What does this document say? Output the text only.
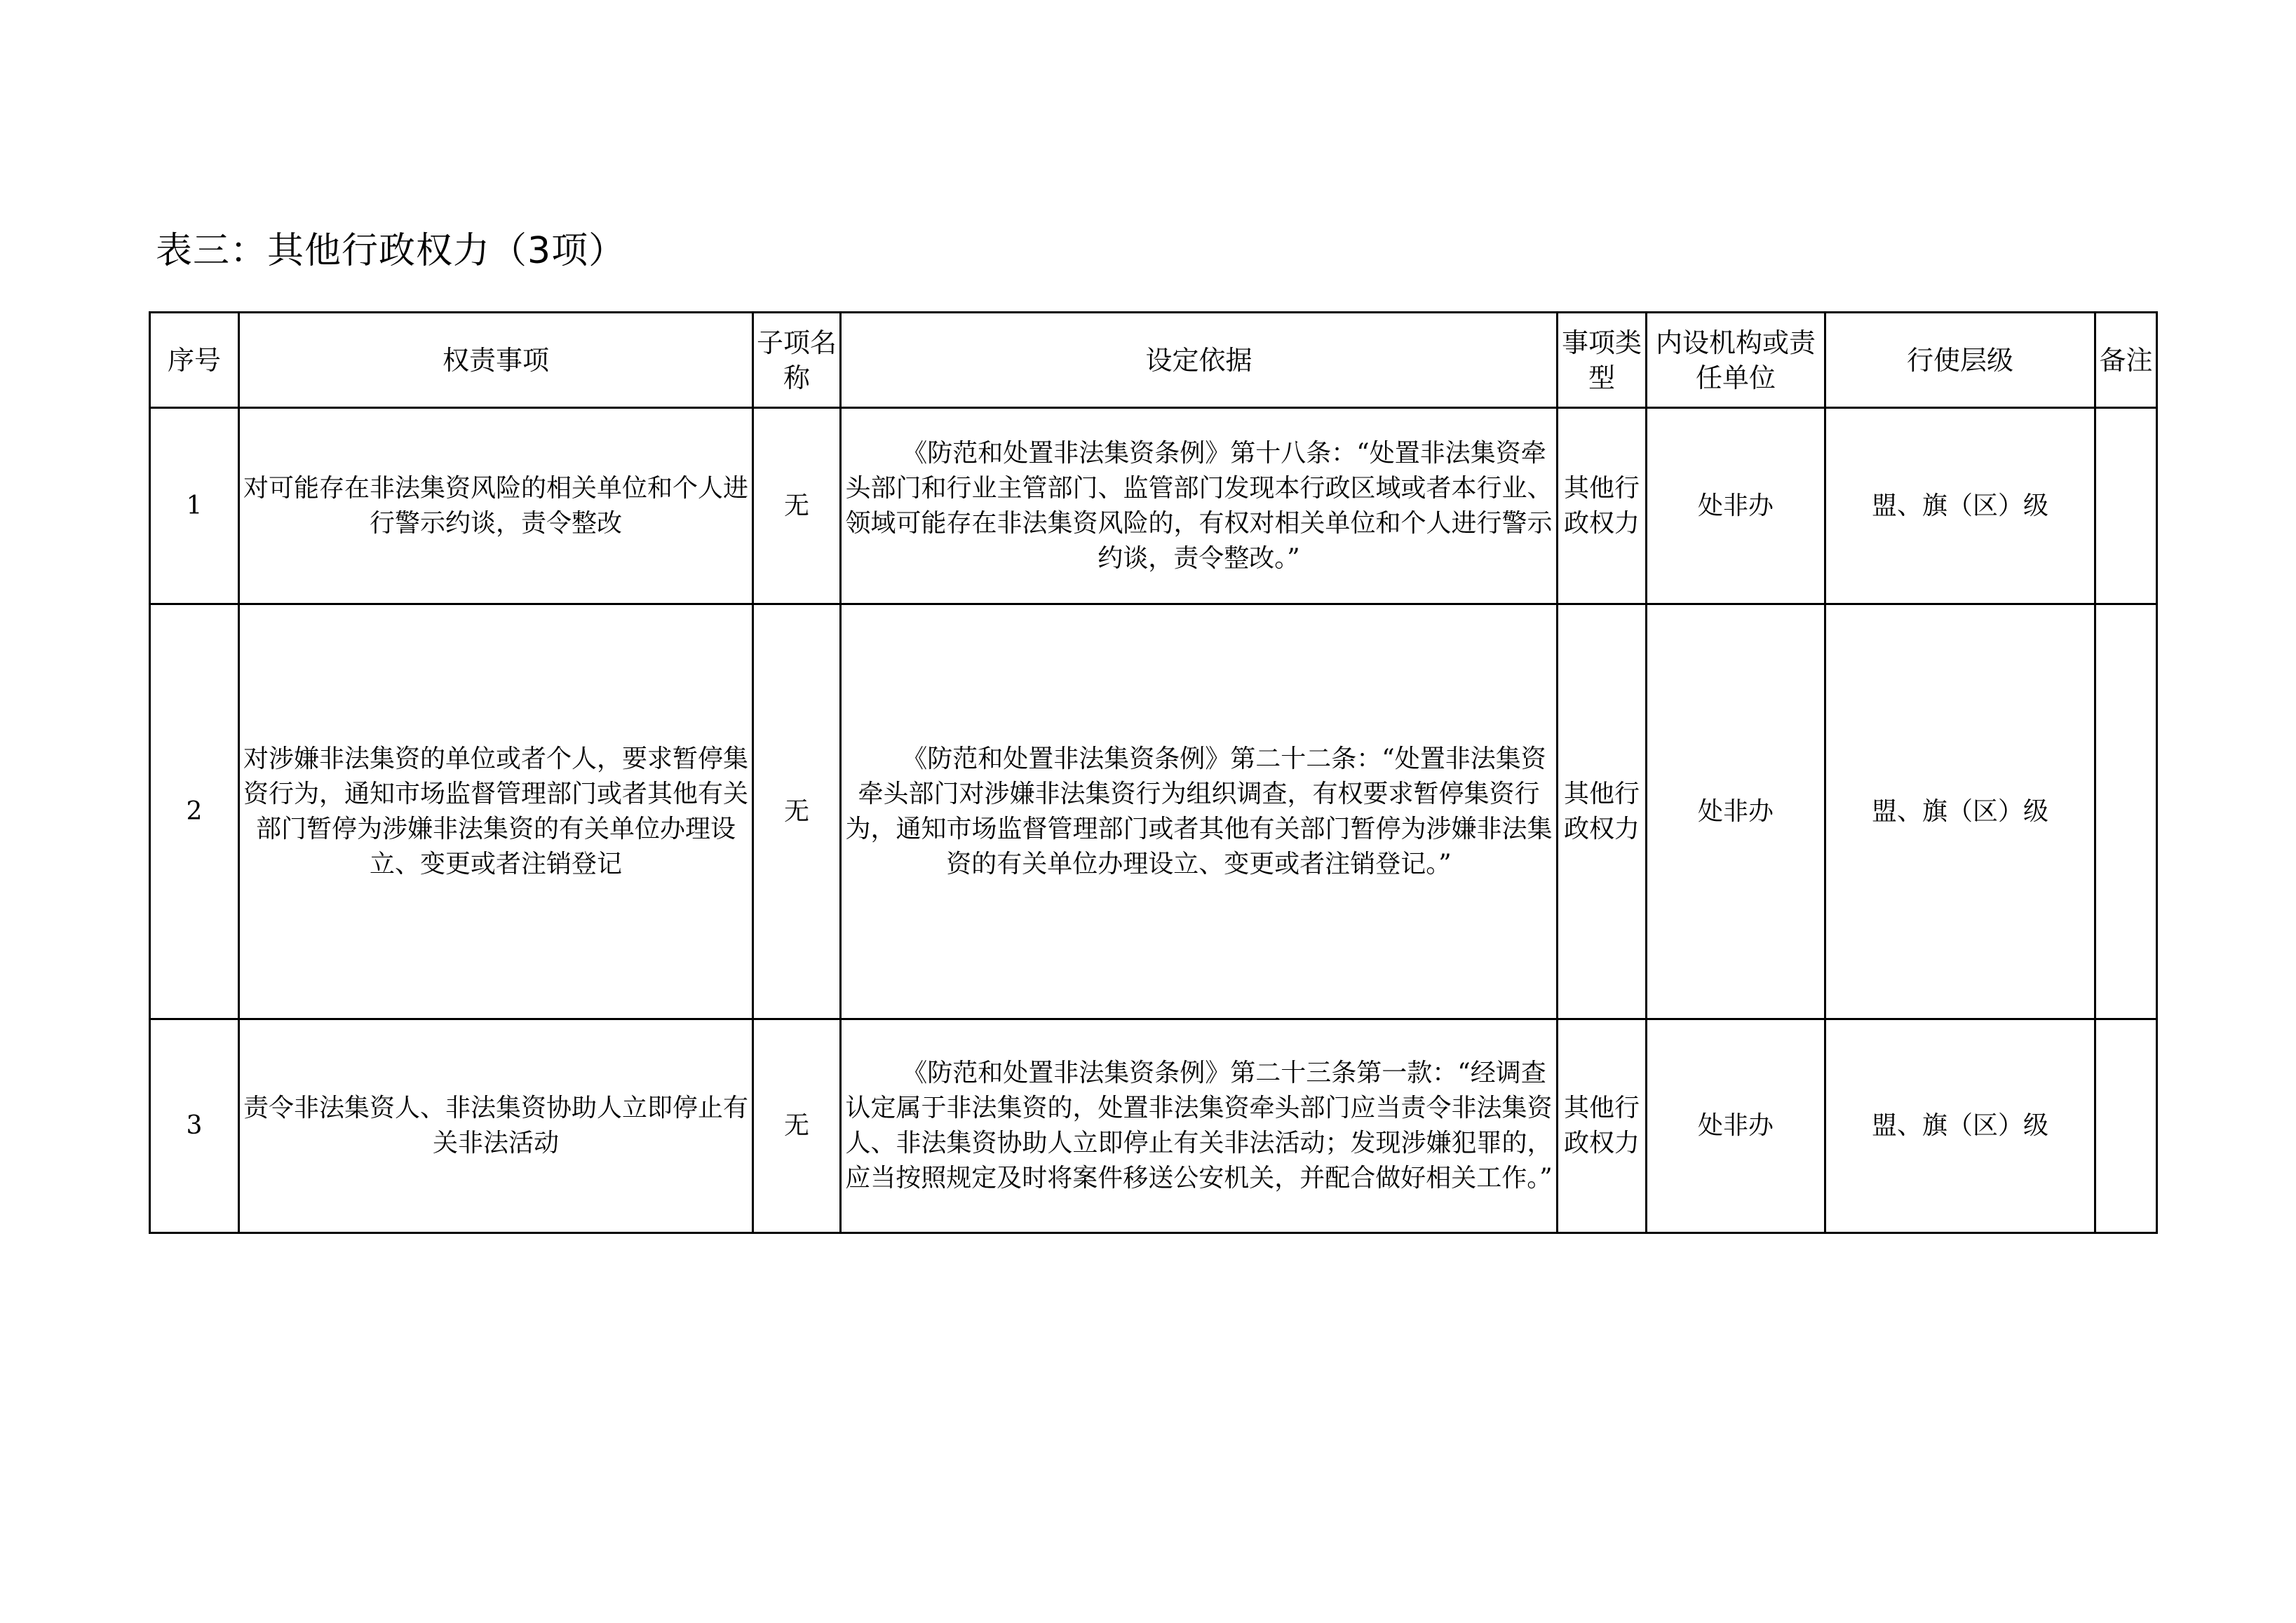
表三：其他行政权力（3项）
序号	权责事项	子项名称	设定依据	事项类型	内设机构或责任单位	行使层级	备注
1	对可能存在非法集资风险的相关单位和个人进行警示约谈，责令整改	无	《防范和处置非法集资条例》第十八条：“处置非法集资牵头部门和行业主管部门、监管部门发现本行政区域或者本行业、领域可能存在非法集资风险的，有权对相关单位和个人进行警示约谈，责令整改。”	其他行政权力	处非办	盟、旗（区）级	
2	对涉嫌非法集资的单位或者个人，要求暂停集资行为，通知市场监督管理部门或者其他有关部门暂停为涉嫌非法集资的有关单位办理设立、变更或者注销登记	无	《防范和处置非法集资条例》第二十二条：“处置非法集资牵头部门对涉嫌非法集资行为组织调查，有权要求暂停集资行为，通知市场监督管理部门或者其他有关部门暂停为涉嫌非法集资的有关单位办理设立、变更或者注销登记。”	其他行政权力	处非办	盟、旗（区）级	
3	责令非法集资人、非法集资协助人立即停止有关非法活动	无	《防范和处置非法集资条例》第二十三条第一款：“经调查认定属于非法集资的，处置非法集资牵头部门应当责令非法集资人、非法集资协助人立即停止有关非法活动；发现涉嫌犯罪的，应当按照规定及时将案件移送公安机关，并配合做好相关工作。”	其他行政权力	处非办	盟、旗（区）级	
